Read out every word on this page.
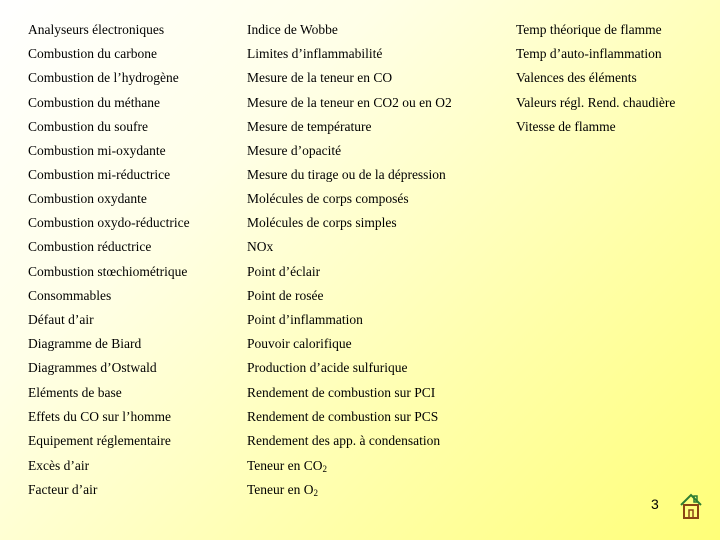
Analyseurs électroniques
Combustion du carbone
Combustion de l’hydrogène
Combustion du méthane
Combustion du soufre
Combustion mi-oxydante
Combustion mi-réductrice
Combustion oxydante
Combustion oxydo-réductrice
Combustion réductrice
Combustion stœchiométrique
Consommables
Défaut d’air
Diagramme de Biard
Diagrammes d’Ostwald
Eléments de base
Effets du CO sur l’homme
Equipement réglementaire
Excès d’air
Facteur d’air
Indice de Wobbe
Limites d’inflammabilité
Mesure de la teneur en CO
Mesure de la teneur en CO2 ou en O2
Mesure de température
Mesure d’opacité
Mesure du tirage ou de la dépression
Molécules de corps composés
Molécules de corps simples
NOx
Point d’éclair
Point de rosée
Point d’inflammation
Pouvoir calorifique
Production d’acide sulfurique
Rendement de combustion sur PCI
Rendement de combustion sur PCS
Rendement des app. à condensation
Teneur en $CO_2$
Teneur en $O_2$
Temp théorique de flamme
Temp d’auto-inflammation
Valences des éléments
Valeurs régl. Rend. chaudière
Vitesse de flamme
3
